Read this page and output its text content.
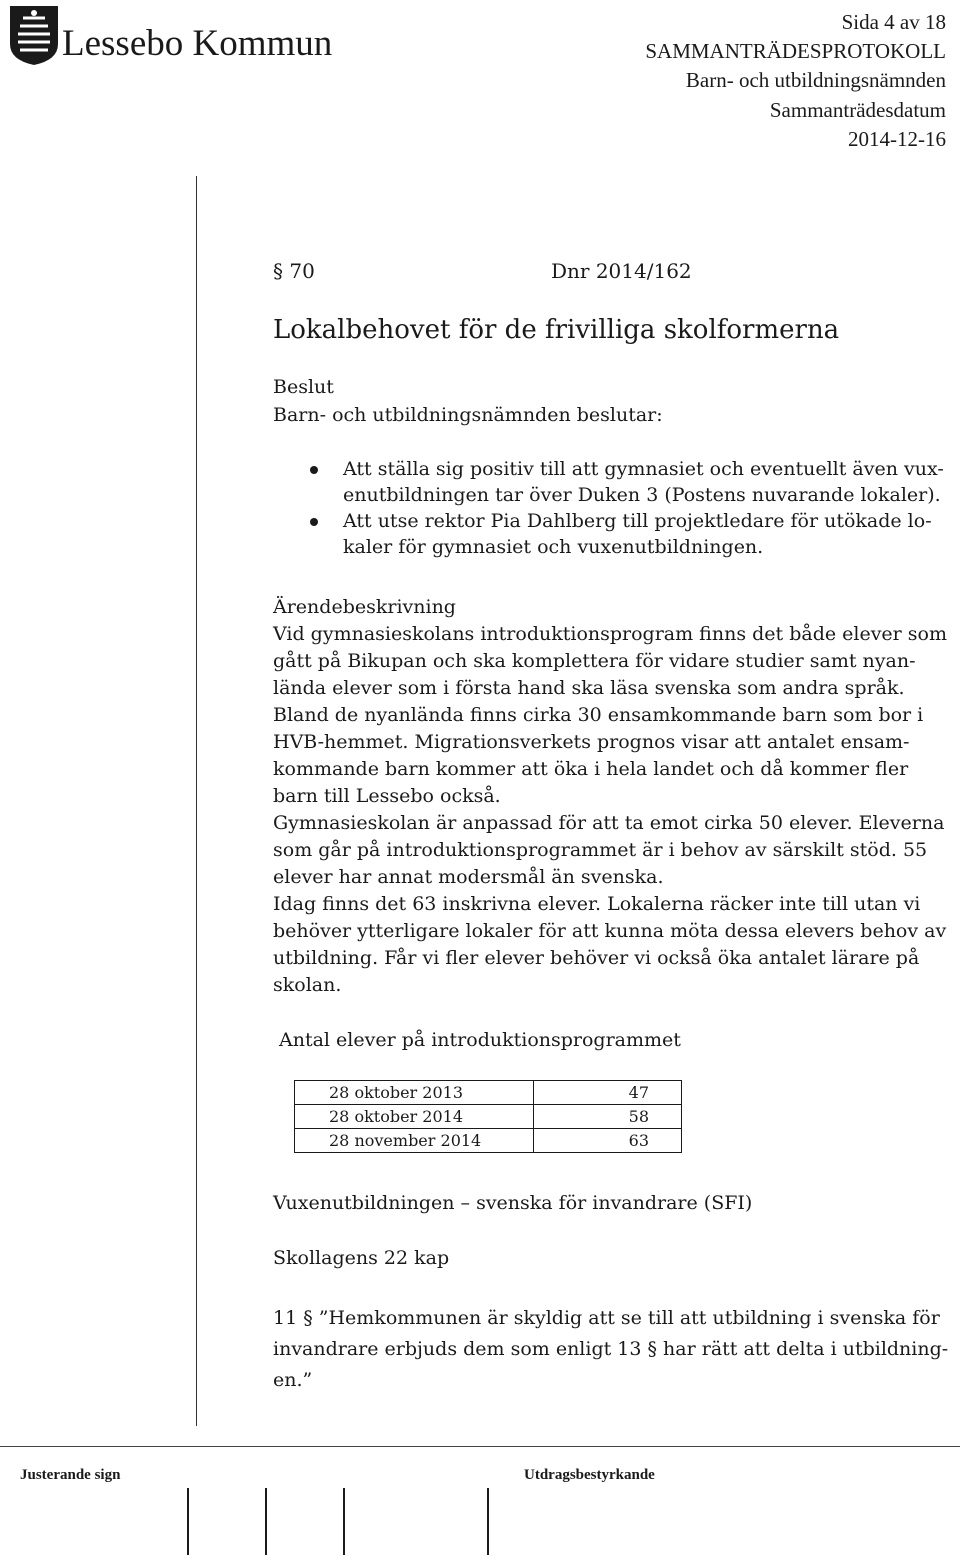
Lessebo Kommun
Sida 4 av 18
SAMMANTRÄDESPROTOKOLL
Barn- och utbildningsnämnden
Sammanträdesdatum
2014-12-16
§ 70	Dnr 2014/162
Lokalbehovet för de frivilliga skolformerna
Beslut
Barn- och utbildningsnämnden beslutar:
Att ställa sig positiv till att gymnasiet och eventuellt även vux-
enutbildningen tar över Duken 3 (Postens nuvarande lokaler).
Att utse rektor Pia Dahlberg till projektledare för utökade lo-
kaler för gymnasiet och vuxenutbildningen.
Ärendebeskrivning
Vid gymnasieskolans introduktionsprogram finns det både elever som
gått på Bikupan och ska komplettera för vidare studier samt nyan-
lända elever som i första hand ska läsa svenska som andra språk.
Bland de nyanlända finns cirka 30 ensamkommande barn som bor i
HVB-hemmet. Migrationsverkets prognos visar att antalet ensam-
kommande barn kommer att öka i hela landet och då kommer fler
barn till Lessebo också.
Gymnasieskolan är anpassad för att ta emot cirka 50 elever. Eleverna
som går på introduktionsprogrammet är i behov av särskilt stöd. 55
elever har annat modersmål än svenska.
Idag finns det 63 inskrivna elever. Lokalerna räcker inte till utan vi
behöver ytterligare lokaler för att kunna möta dessa elevers behov av
utbildning. Får vi fler elever behöver vi också öka antalet lärare på
skolan.
Antal elever på introduktionsprogrammet
28 oktober 2013	47
28 oktober 2014	58
28 november 2014	63
Vuxenutbildningen – svenska för invandrare (SFI)
Skollagens 22 kap
11 § ”Hemkommunen är skyldig att se till att utbildning i svenska för
invandrare erbjuds dem som enligt 13 § har rätt att delta i utbildning-
en.”
Justerande sign	Utdragsbestyrkande
